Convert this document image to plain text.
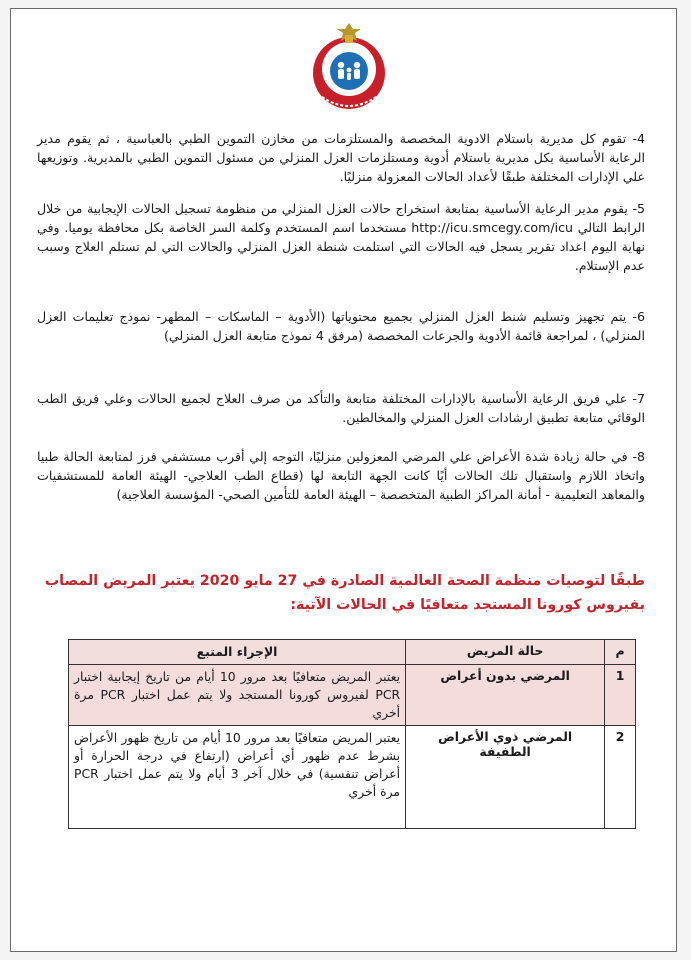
4- تقوم كل مديرية باستلام الادوية المخصصة والمستلزمات من مخازن التموين الطبي بالعباسية ، ثم يقوم مدير الرعاية الأساسية بكل مديرية باستلام أدوية ومستلزمات العزل المنزلي من مسئول التموين الطبي بالمديرية. وتوزيعها علي الإدارات المختلفة طبقًا لأعداد الحالات المعزولة منزليًا.
5- يقوم مدير الرعاية الأساسية بمتابعة استخراج حالات العزل المنزلي من منظومة تسجيل الحالات الإيجابية من خلال الرابط التالي http://icu.smcegy.com/icu مستخدما اسم المستخدم وكلمة السر الخاصة بكل محافظة يوميا. وفي نهاية اليوم اعداد تقرير يسجل فيه الحالات التي استلمت شنطة العزل المنزلي والحالات التي لم تستلم العلاج وسبب عدم الإستلام.
6- يتم تجهيز وتسليم شنط العزل المنزلي بجميع محتوياتها (الأدوية – الماسكات – المطهر- نموذج تعليمات العزل المنزلي) ، لمراجعة قائمة الأدوية والجرعات المخصصة (مرفق 4 نموذج متابعة العزل المنزلي)
7- علي فريق الرعاية الأساسية بالإدارات المختلفة متابعة والتأكد من صرف العلاج لجميع الحالات وعلي فريق الطب الوقائي متابعة تطبيق ارشادات العزل المنزلي والمخالطين.
8- في حالة زيادة شدة الأعراض علي المرضي المعزولين منزليًا، التوجه إلي أقرب مستشفي فرز لمتابعة الحالة طبيا واتخاذ اللازم واستقبال تلك الحالات أيًا كانت الجهة التابعة لها (قطاع الطب العلاجي- الهيئة العامة للمستشفيات والمعاهد التعليمية - أمانة المراكز الطبية المتخصصة – الهيئة العامة للتأمين الصحي- المؤسسة العلاجية)
طبقًا لتوصيات منظمة الصحة العالمية الصادرة في 27 مايو 2020 يعتبر المريض المصاب بفيروس كورونا المستجد متعافيًا في الحالات الآتية:
م	حالة المريض	الإجراء المتبع
1	المرضي بدون أعراض	يعتبر المريض متعافيًا بعد مرور 10 أيام من تاريخ إيجابية اختبار PCR لفيروس كورونا المستجد ولا يتم عمل اختبار PCR مرة أخري
2	المرضي ذوي الأعراض الطفيفة	يعتبر المريض متعافيًا بعد مرور 10 أيام من تاريخ ظهور الأعراض بشرط عدم ظهور أي أعراض (ارتفاع في درجة الحرارة أو أعراض تنفسية) في خلال آخر 3 أيام ولا يتم عمل اختبار PCR مرة أخري
